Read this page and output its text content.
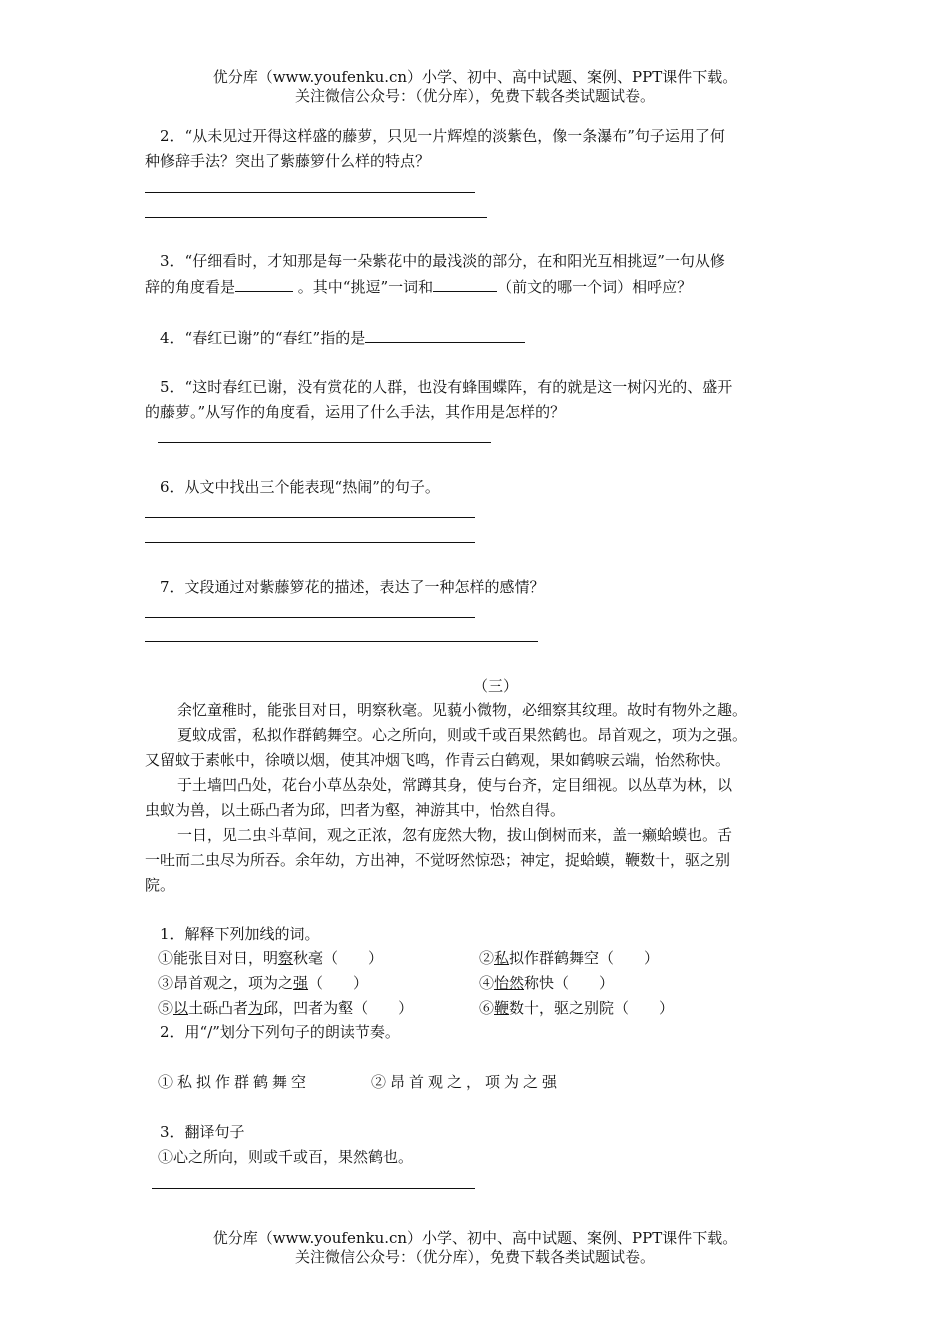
优分库（www.youfenku.cn）小学、初中、高中试题、案例、PPT课件下载。
关注微信公众号：（优分库），免费下载各类试题试卷。
2．“从未见过开得这样盛的藤萝，只见一片辉煌的淡紫色，像一条瀑布”句子运用了何
种修辞手法？突出了紫藤箩什么样的特点？
3．“仔细看时，才知那是每一朵紫花中的最浅淡的部分，在和阳光互相挑逗”一句从修
辞的角度看是	。其中“挑逗”一词和	（前文的哪一个词）相呼应？
4．“春红已谢”的“春红”指的是
5．“这时春红已谢，没有赏花的人群，也没有蜂围蝶阵，有的就是这一树闪光的、盛开
的藤萝。”从写作的角度看，运用了什么手法，其作用是怎样的？
6．从文中找出三个能表现“热闹”的句子。
7．文段通过对紫藤箩花的描述，表达了一种怎样的感情？
（三）
余忆童稚时，能张目对日，明察秋毫。见藐小微物，必细察其纹理。故时有物外之趣。
夏蚊成雷，私拟作群鹤舞空。心之所向，则或千或百果然鹤也。昂首观之，项为之强。
又留蚊于素帐中，徐喷以烟，使其冲烟飞鸣，作青云白鹤观，果如鹤唳云端，怡然称快。
于土墙凹凸处，花台小草丛杂处，常蹲其身，使与台齐，定目细视。以丛草为林，以
虫蚁为兽，以土砾凸者为邱，凹者为壑，神游其中，怡然自得。
一日，见二虫斗草间，观之正浓，忽有庞然大物，拔山倒树而来，盖一癞蛤蟆也。舌
一吐而二虫尽为所吞。余年幼，方出神，不觉呀然惊恐；神定，捉蛤蟆，鞭数十，驱之别
院。
1．解释下列加线的词。
①能张目对日，明察秋毫（　　）	②私拟作群鹤舞空（　　）
③昂首观之，项为之强（　　）	④怡然称快（　　）
⑤以土砾凸者为邱，凹者为壑（　　）	⑥鞭数十，驱之别院（　　）
2．用“/”划分下列句子的朗读节奏。
①私拟作群鹤舞空	②昂首观之，项为之强
3．翻译句子
①心之所向，则或千或百，果然鹤也。
优分库（www.youfenku.cn）小学、初中、高中试题、案例、PPT课件下载。
关注微信公众号：（优分库），免费下载各类试题试卷。
